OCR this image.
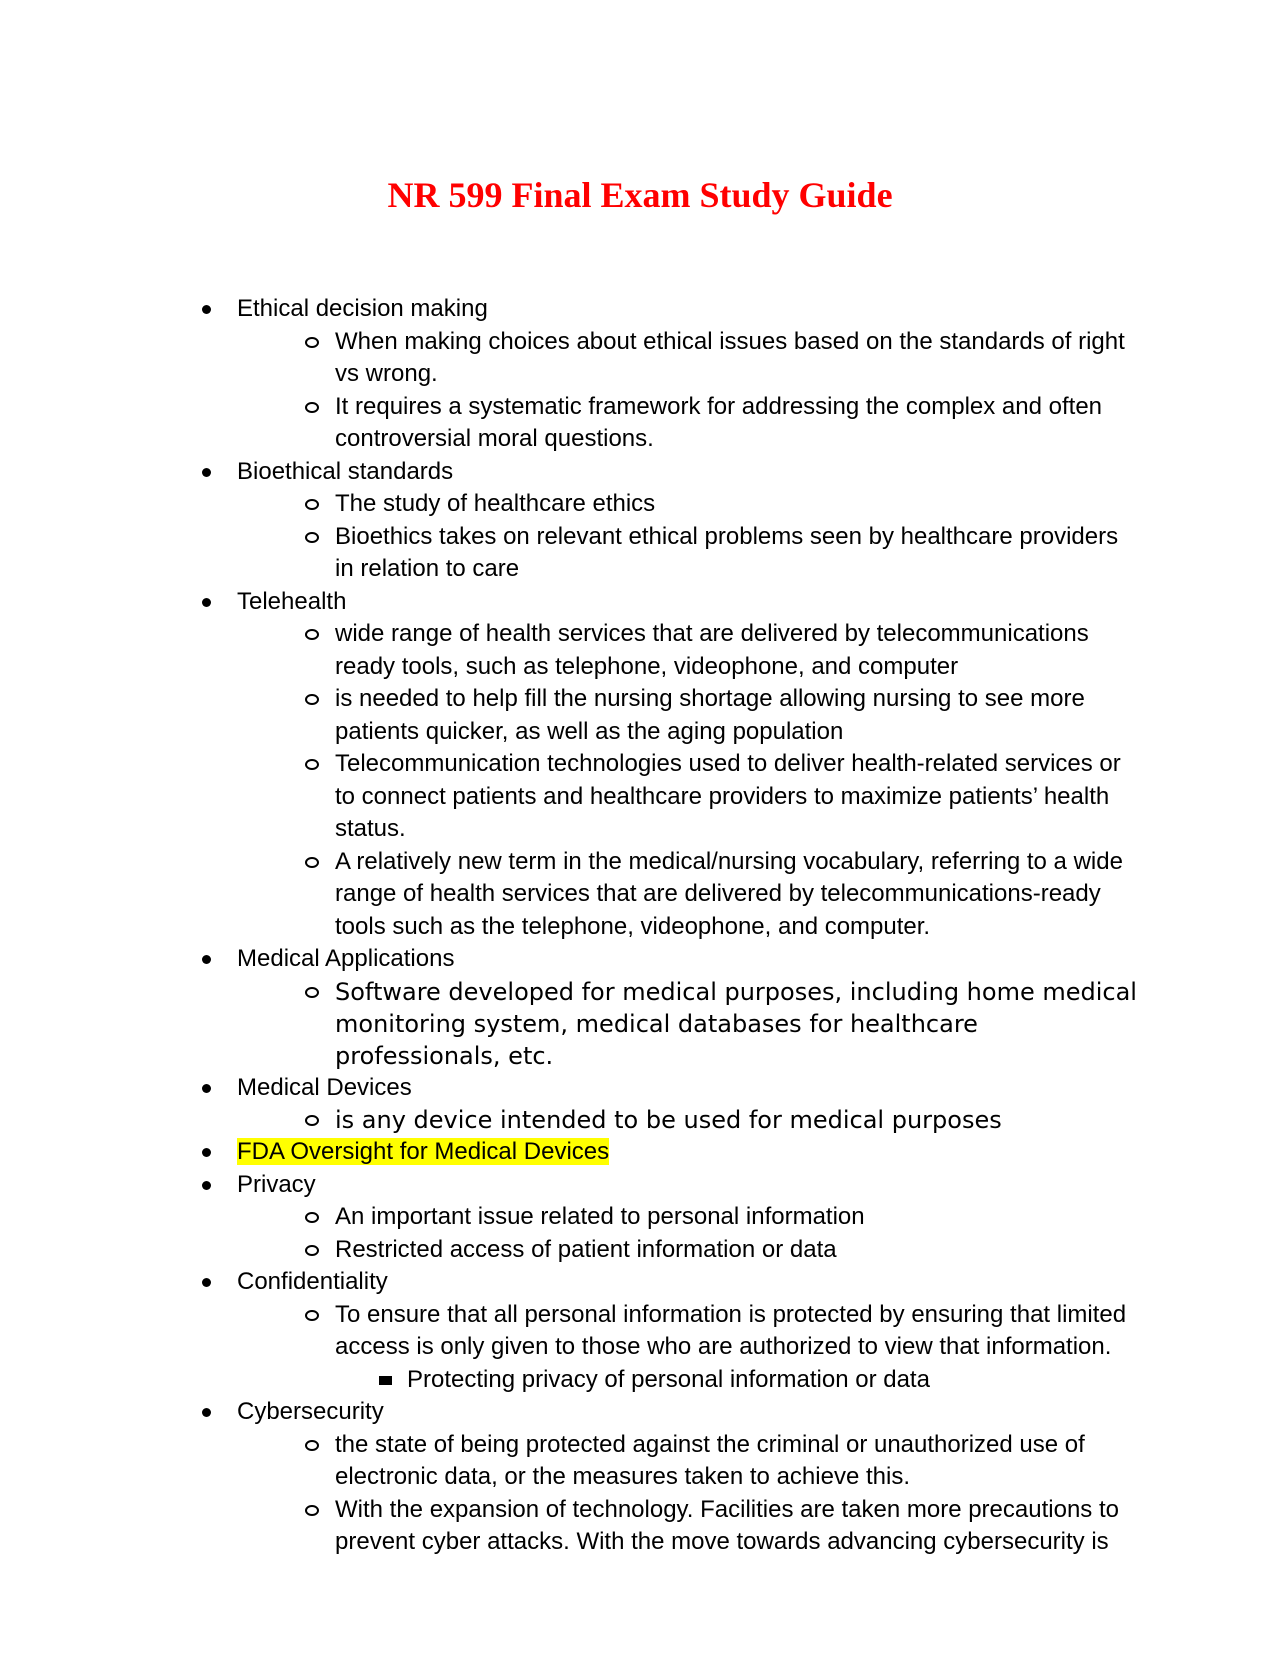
NR 599 Final Exam Study Guide
Ethical decision making
When making choices about ethical issues based on the standards of right vs wrong.
It requires a systematic framework for addressing the complex and often controversial moral questions.
Bioethical standards
The study of healthcare ethics
Bioethics takes on relevant ethical problems seen by healthcare providers in relation to care
Telehealth
wide range of health services that are delivered by telecommunications ready tools, such as telephone, videophone, and computer
is needed to help fill the nursing shortage allowing nursing to see more patients quicker, as well as the aging population
Telecommunication technologies used to deliver health-related services or to connect patients and healthcare providers to maximize patients’ health status.
A relatively new term in the medical/nursing vocabulary, referring to a wide range of health services that are delivered by telecommunications-ready tools such as the telephone, videophone, and computer.
Medical Applications
Software developed for medical purposes, including home medical monitoring system, medical databases for healthcare professionals, etc.
Medical Devices
is any device intended to be used for medical purposes
FDA Oversight for Medical Devices
Privacy
An important issue related to personal information
Restricted access of patient information or data
Confidentiality
To ensure that all personal information is protected by ensuring that limited access is only given to those who are authorized to view that information.
Protecting privacy of personal information or data
Cybersecurity
the state of being protected against the criminal or unauthorized use of electronic data, or the measures taken to achieve this.
With the expansion of technology. Facilities are taken more precautions to prevent cyber attacks. With the move towards advancing cybersecurity is
